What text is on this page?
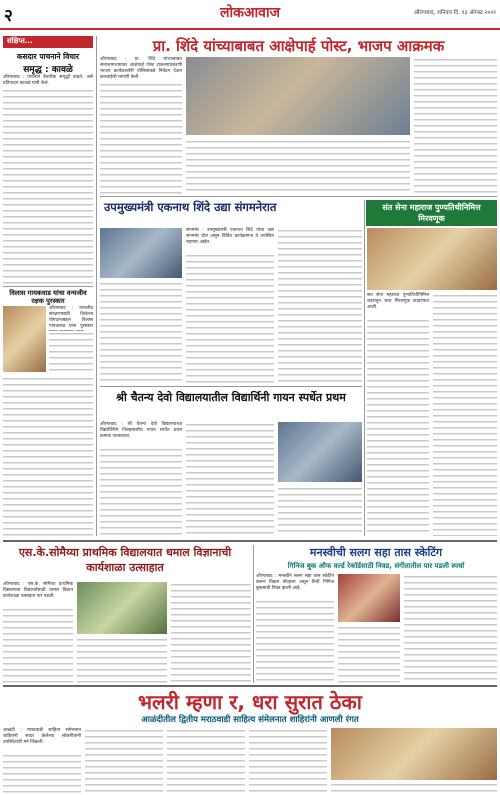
२	लोकआवाज	औरंगाबाद, शनिवार दि. १३ ऑगस्ट २०२२
संक्षिप्त...
कसदार पाचनाने विचार
समृद्ध : कावळे
औरंगाबाद : पाचनाने वैचारिक समृद्धी वाढते, असे प्रतिपादन कावळे यांनी केले.
विलास गायकवाड यांचा वन्यजीव रक्षक पुरस्कार
औरंगाबाद : वन्यजीव संरक्षणासाठी दिलेल्या योगदानाबद्दल विलास गायकवाड यांना पुरस्कार
प्रा. शिंदे यांच्याबाबत आक्षेपार्ह पोस्ट, भाजप आक्रमक
औरंगाबाद : प्रा. शिंदे यांच्याबाबत समाजमाध्यमावर आक्षेपार्ह पोस्ट टाकल्याप्रकरणी भाजप कार्यकर्त्यांनी पोलिसांकडे निवेदन देऊन कारवाईची मागणी केली.
उपमुख्यमंत्री एकनाथ शिंदे उद्या संगमनेरात
संगमनेर : उपमुख्यमंत्री एकनाथ शिंदे यांचा उद्या संगमनेर दौरा असून विविध कार्यक्रमांना ते उपस्थित राहणार आहेत.
संत सेना महाराज पुण्यतिथीनिमित्त मिरवणूक
संत सेना महाराज पुण्यतिथीनिमित्त शहरातून भव्य मिरवणूक काढण्यात आली.
श्री चैतन्य देवो विद्यालयातील विद्यार्थिनी गायन स्पर्धेत प्रथम
औरंगाबाद : श्री चैतन्य देवो विद्यालयाच्या विद्यार्थिनीने जिल्हास्तरीय गायन स्पर्धेत प्रथम क्रमांक पटकावला.
एस.के.सोमैय्या प्राथमिक विद्यालयात धमाल विज्ञानाची कार्यशाळा उत्साहात
औरंगाबाद : एस.के. सोमैय्या प्राथमिक विद्यालयात विद्यार्थ्यांसाठी धमाल विज्ञान कार्यशाळा उत्साहात पार पडली.
मनस्वीची सलग सहा तास स्केटिंग
गिनिज बुक ऑफ वर्ल्ड रेकॉर्डसाठी निवड, संगीतातील पार पडली स्पर्धा
औरंगाबाद : मनस्वीने सलग सहा तास स्केटिंग करून विक्रम नोंदवला असून तिची गिनिज बुकसाठी निवड झाली आहे.
भलरी म्हणा र, धरा सुरात ठेका
आळंदीतील द्वितीय मराठवाडी साहित्य संमेलनात शाहिरांनी आणली रंगत
आळंदी : मराठवाडी साहित्य संमेलनात शाहिरांनी सादर केलेल्या लोकगीतांनी उपस्थितांची मने जिंकली.
